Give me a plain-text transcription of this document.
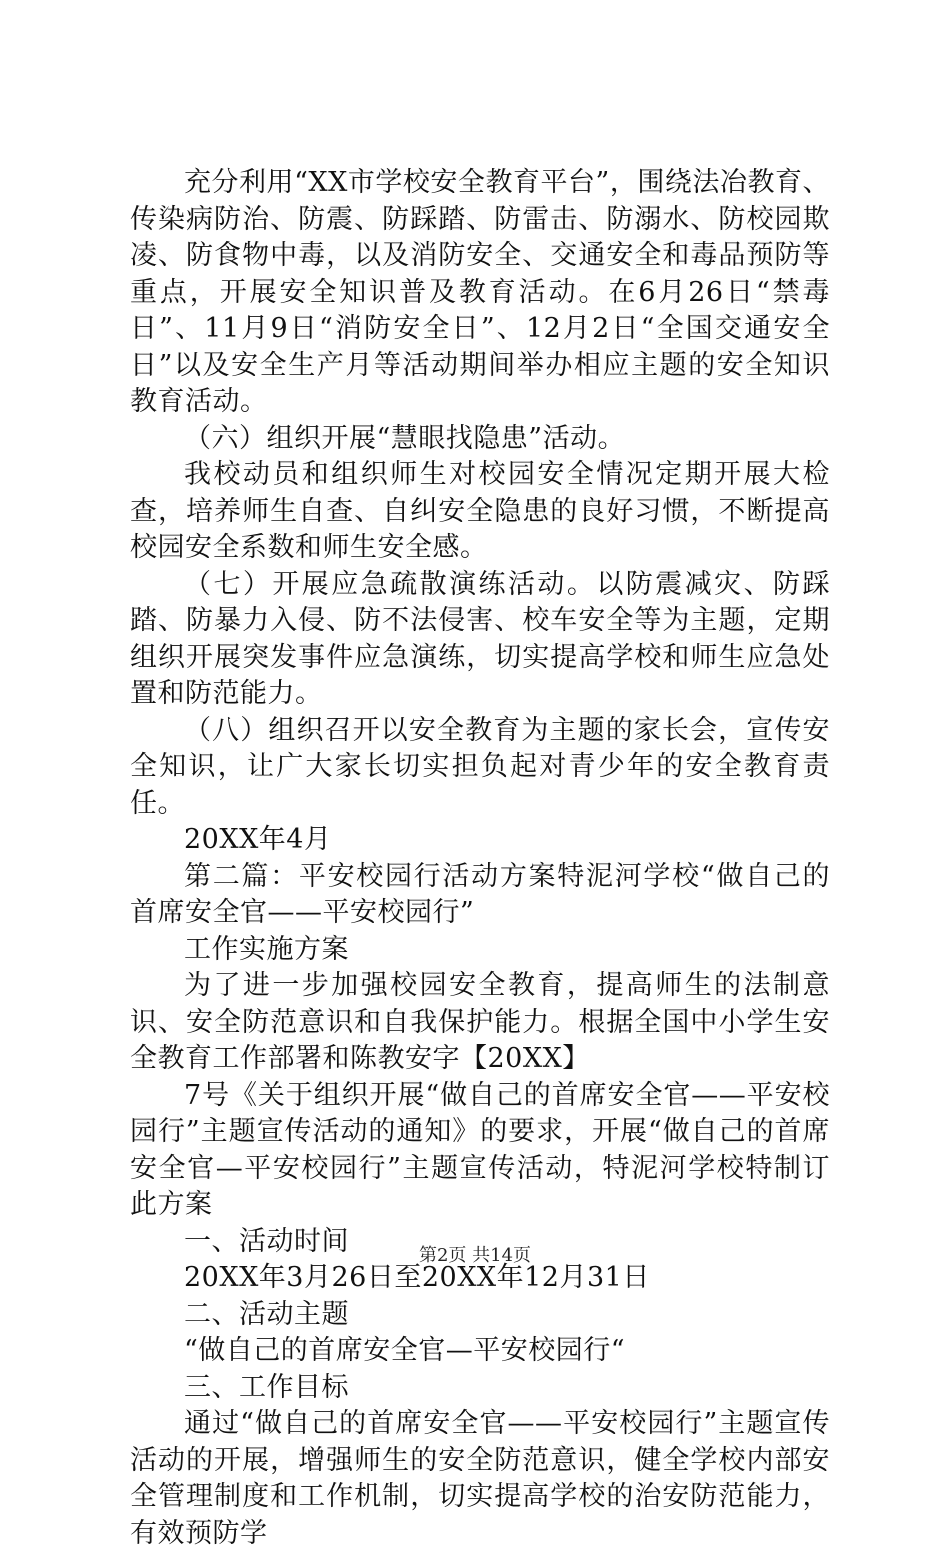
充分利用“XX市学校安全教育平台”，围绕法冶教育、传染病防治、防震、防踩踏、防雷击、防溺水、防校园欺凌、防食物中毒，以及消防安全、交通安全和毒品预防等重点，开展安全知识普及教育活动。在6月26日“禁毒日”、11月9日“消防安全日”、12月2日“全国交通安全日”以及安全生产月等活动期间举办相应主题的安全知识教育活动。

（六）组织开展“慧眼找隐患”活动。

我校动员和组织师生对校园安全情况定期开展大检查，培养师生自查、自纠安全隐患的良好习惯，不断提高校园安全系数和师生安全感。

（七）开展应急疏散演练活动。以防震减灾、防踩踏、防暴力入侵、防不法侵害、校车安全等为主题，定期组织开展突发事件应急演练，切实提高学校和师生应急处置和防范能力。

（八）组织召开以安全教育为主题的家长会，宣传安全知识，让广大家长切实担负起对青少年的安全教育责任。

20XX年4月

第二篇：平安校园行活动方案特泥河学校“做自己的首席安全官——平安校园行”

工作实施方案

为了进一步加强校园安全教育，提高师生的法制意识、安全防范意识和自我保护能力。根据全国中小学生安全教育工作部署和陈教安字【20XX】

7号《关于组织开展“做自己的首席安全官——平安校园行”主题宣传活动的通知》的要求，开展“做自己的首席安全官—平安校园行”主题宣传活动，特泥河学校特制订此方案

一、活动时间

20XX年3月26日至20XX年12月31日

二、活动主题

“做自己的首席安全官—平安校园行“

三、工作目标

通过“做自己的首席安全官——平安校园行”主题宣传活动的开展，增强师生的安全防范意识，健全学校内部安全管理制度和工作机制，切实提高学校的治安防范能力，有效预防学

第2页 共14页
